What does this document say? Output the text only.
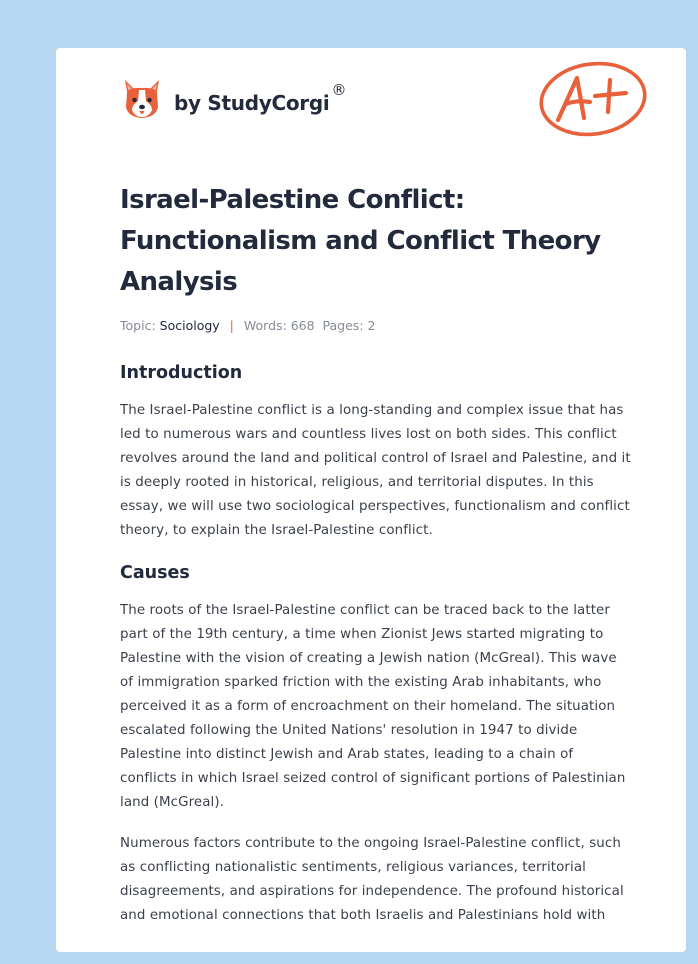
by StudyCorgi®
Israel-Palestine Conflict: Functionalism and Conflict Theory Analysis
Topic: Sociology | Words: 668 Pages: 2
Introduction

The Israel-Palestine conflict is a long-standing and complex issue that has led to numerous wars and countless lives lost on both sides. This conflict revolves around the land and political control of Israel and Palestine, and it is deeply rooted in historical, religious, and territorial disputes. In this essay, we will use two sociological perspectives, functionalism and conflict theory, to explain the Israel-Palestine conflict.

Causes

The roots of the Israel-Palestine conflict can be traced back to the latter part of the 19th century, a time when Zionist Jews started migrating to Palestine with the vision of creating a Jewish nation (McGreal). This wave of immigration sparked friction with the existing Arab inhabitants, who perceived it as a form of encroachment on their homeland. The situation escalated following the United Nations' resolution in 1947 to divide Palestine into distinct Jewish and Arab states, leading to a chain of conflicts in which Israel seized control of significant portions of Palestinian land (McGreal).

Numerous factors contribute to the ongoing Israel-Palestine conflict, such as conflicting nationalistic sentiments, religious variances, territorial disagreements, and aspirations for independence. The profound historical and emotional connections that both Israelis and Palestinians hold with
